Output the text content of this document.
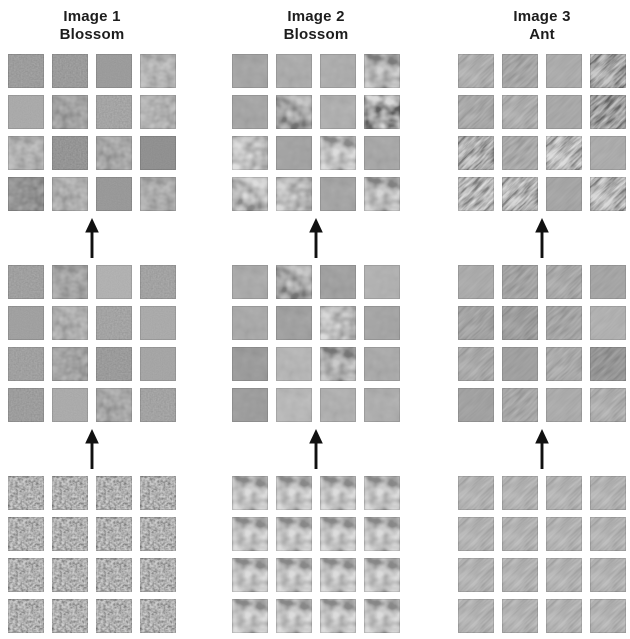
Image 1
Blossom
Image 2
Blossom
Image 3
Ant
